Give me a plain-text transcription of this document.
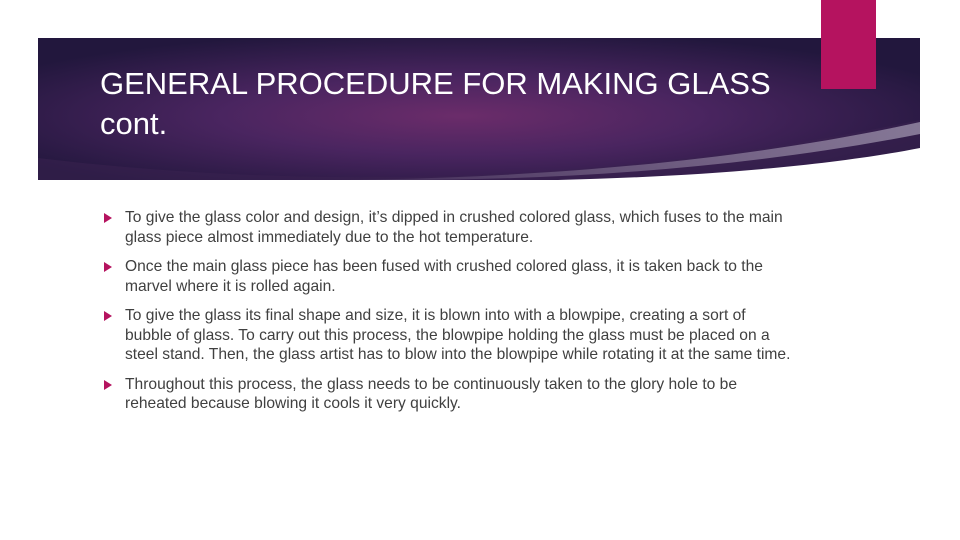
GENERAL PROCEDURE FOR MAKING GLASS cont.
To give the glass color and design, it’s dipped in crushed colored glass, which fuses to the main glass piece almost immediately due to the hot temperature.
Once the main glass piece has been fused with crushed colored glass, it is taken back to the marvel where it is rolled again.
To give the glass its final shape and size, it is blown into with a blowpipe, creating a sort of bubble of glass. To carry out this process, the blowpipe holding the glass must be placed on a steel stand. Then, the glass artist has to blow into the blowpipe while rotating it at the same time.
Throughout this process, the glass needs to be continuously taken to the glory hole to be reheated because blowing it cools it very quickly.
